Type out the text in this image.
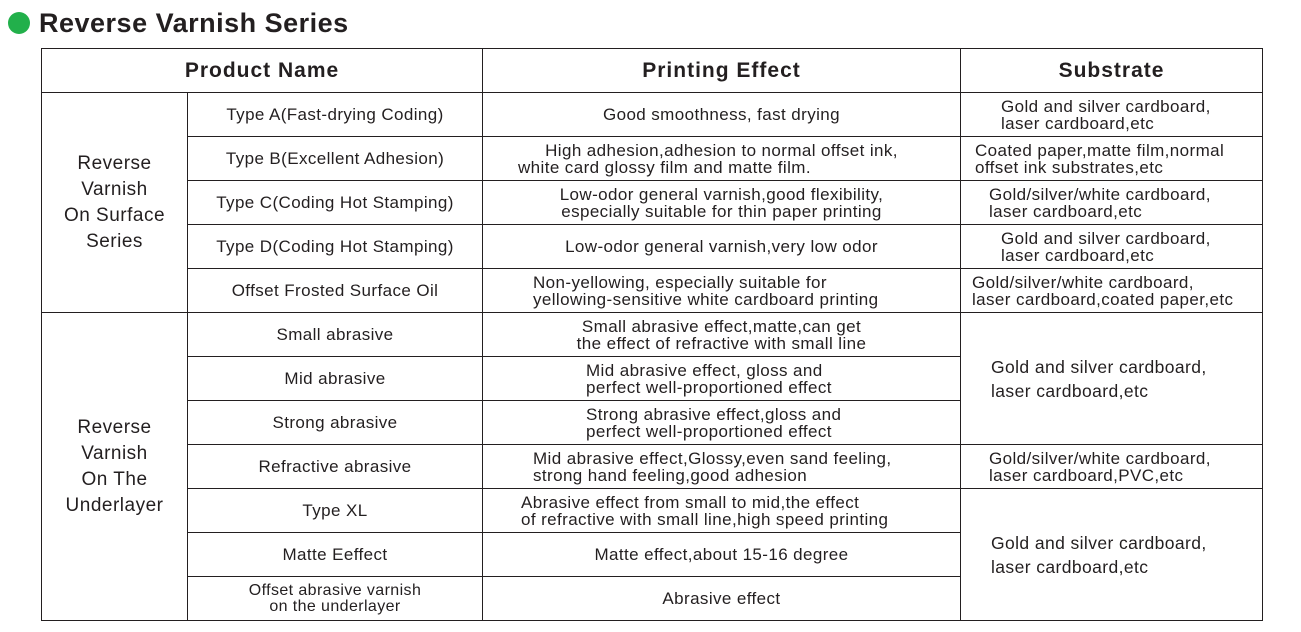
Reverse Varnish Series
Product Name		Printing Effect	Substrate

Reverse
Varnish
On Surface
Series	Type A(Fast-drying Coding)	Good smoothness, fast drying	Gold and silver cardboard,
laser cardboard,etc

	Type B(Excellent Adhesion)	High adhesion,adhesion to normal offset ink,
white card glossy film and matte film.	Coated paper,matte film,normal
offset ink substrates,etc

	Type C(Coding Hot Stamping)	Low-odor general varnish,good flexibility,
especially suitable for thin paper printing	Gold/silver/white cardboard,
laser cardboard,etc

	Type D(Coding Hot Stamping)	Low-odor general varnish,very low odor	Gold and silver cardboard,
laser cardboard,etc

	Offset Frosted Surface Oil	Non-yellowing, especially suitable for
yellowing-sensitive white cardboard printing	Gold/silver/white cardboard,
laser cardboard,coated paper,etc

Reverse
Varnish
On The
Underlayer	Small abrasive	Small abrasive effect,matte,can get
the effect of refractive with small line	Gold and silver cardboard,
laser cardboard,etc

	Mid abrasive	Mid abrasive effect, gloss and
perfect well-proportioned effect	

	Strong abrasive	Strong abrasive effect,gloss and
perfect well-proportioned effect	

	Refractive abrasive	Mid abrasive effect,Glossy,even sand feeling,
strong hand feeling,good adhesion	Gold/silver/white cardboard,
laser cardboard,PVC,etc

	Type XL	Abrasive effect from small to mid,the effect
of refractive with small line,high speed printing	Gold and silver cardboard,
laser cardboard,etc

	Matte Eeffect	Matte effect,about 15-16 degree	

	Offset abrasive varnish
on the underlayer	Abrasive effect	
